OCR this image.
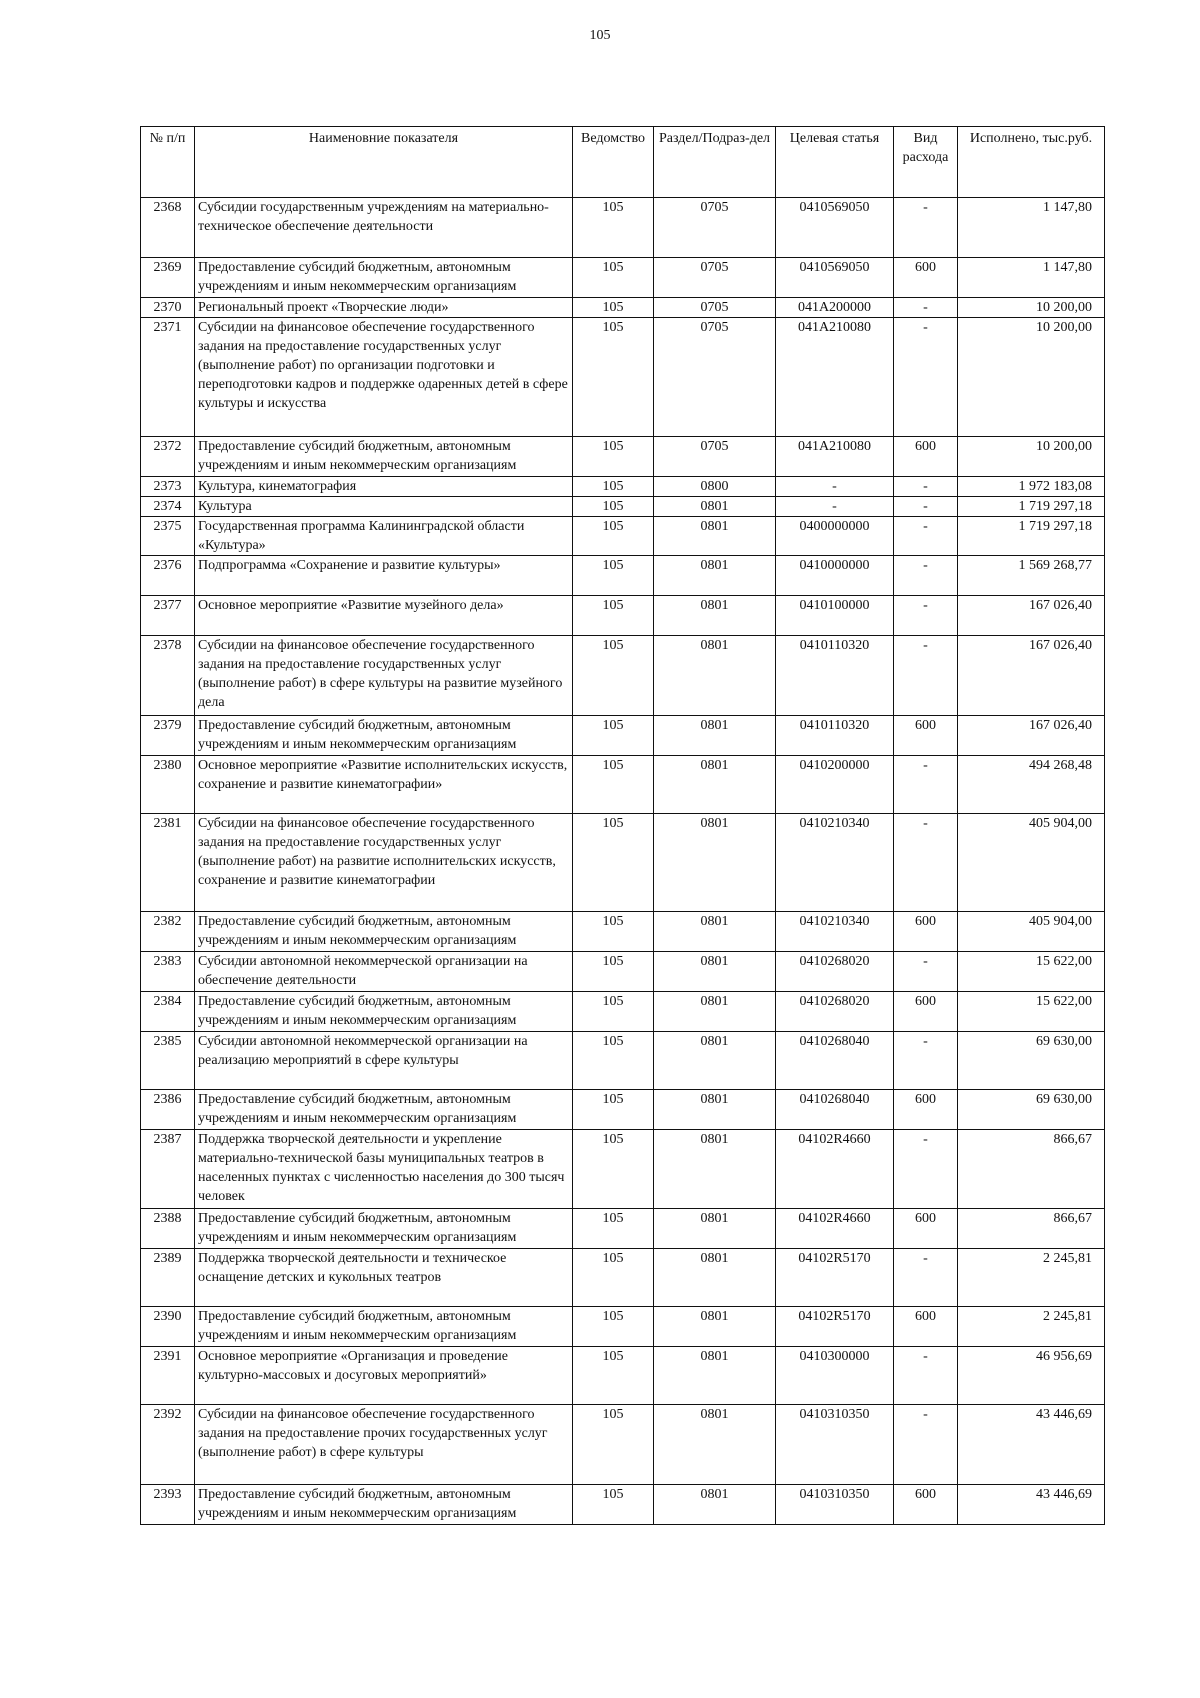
105
№ п/п	Наименовние показателя	Ведомство	Раздел/Подраз-дел	Целевая статья	Вид расхода	Исполнено, тыс.руб.
2368	Субсидии государственным учреждениям на материально-техническое обеспечение деятельности	105	0705	0410569050	-	1 147,80
2369	Предоставление субсидий бюджетным, автономным учреждениям и иным некоммерческим организациям	105	0705	0410569050	600	1 147,80
2370	Региональный проект «Творческие люди»	105	0705	041A200000	-	10 200,00
2371	Субсидии на финансовое обеспечение государственного задания на предоставление государственных услуг (выполнение работ) по организации подготовки и переподготовки кадров и поддержке одаренных детей в сфере культуры и искусства	105	0705	041A210080	-	10 200,00
2372	Предоставление субсидий бюджетным, автономным учреждениям и иным некоммерческим организациям	105	0705	041A210080	600	10 200,00
2373	Культура, кинематография	105	0800	-	-	1 972 183,08
2374	Культура	105	0801	-	-	1 719 297,18
2375	Государственная программа Калининградской области «Культура»	105	0801	0400000000	-	1 719 297,18
2376	Подпрограмма «Сохранение и развитие культуры»	105	0801	0410000000	-	1 569 268,77
2377	Основное мероприятие «Развитие музейного дела»	105	0801	0410100000	-	167 026,40
2378	Субсидии на финансовое обеспечение государственного задания на предоставление государственных услуг (выполнение работ) в сфере культуры на развитие музейного дела	105	0801	0410110320	-	167 026,40
2379	Предоставление субсидий бюджетным, автономным учреждениям и иным некоммерческим организациям	105	0801	0410110320	600	167 026,40
2380	Основное мероприятие «Развитие исполнительских искусств, сохранение и развитие кинематографии»	105	0801	0410200000	-	494 268,48
2381	Субсидии на финансовое обеспечение государственного задания на предоставление государственных услуг (выполнение работ) на развитие исполнительских искусств, сохранение и развитие кинематографии	105	0801	0410210340	-	405 904,00
2382	Предоставление субсидий бюджетным, автономным учреждениям и иным некоммерческим организациям	105	0801	0410210340	600	405 904,00
2383	Субсидии автономной некоммерческой организации на обеспечение деятельности	105	0801	0410268020	-	15 622,00
2384	Предоставление субсидий бюджетным, автономным учреждениям и иным некоммерческим организациям	105	0801	0410268020	600	15 622,00
2385	Субсидии автономной некоммерческой организации на реализацию мероприятий в сфере культуры	105	0801	0410268040	-	69 630,00
2386	Предоставление субсидий бюджетным, автономным учреждениям и иным некоммерческим организациям	105	0801	0410268040	600	69 630,00
2387	Поддержка творческой деятельности и укрепление материально-технической базы муниципальных театров в населенных пунктах с численностью населения до 300 тысяч человек	105	0801	04102R4660	-	866,67
2388	Предоставление субсидий бюджетным, автономным учреждениям и иным некоммерческим организациям	105	0801	04102R4660	600	866,67
2389	Поддержка творческой деятельности и техническое оснащение детских и кукольных театров	105	0801	04102R5170	-	2 245,81
2390	Предоставление субсидий бюджетным, автономным учреждениям и иным некоммерческим организациям	105	0801	04102R5170	600	2 245,81
2391	Основное мероприятие «Организация и проведение культурно-массовых и досуговых мероприятий»	105	0801	0410300000	-	46 956,69
2392	Субсидии на финансовое обеспечение государственного задания на предоставление прочих государственных услуг (выполнение работ) в сфере культуры	105	0801	0410310350	-	43 446,69
2393	Предоставление субсидий бюджетным, автономным учреждениям и иным некоммерческим организациям	105	0801	0410310350	600	43 446,69
